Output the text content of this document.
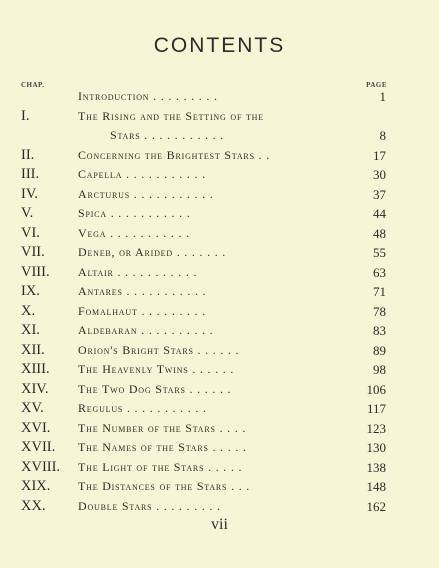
CONTENTS
CHAP.	PAGE
Introduction . . . . . . . . .	1
I.	The Rising and the Setting of the
Stars . . . . . . . . . . .	8
II.	Concerning the Brightest Stars . .	17
III.	Capella . . . . . . . . . . .	30
IV.	Arcturus . . . . . . . . . . .	37
V.	Spica . . . . . . . . . . .	44
VI.	Vega . . . . . . . . . . .	48
VII.	Deneb, or Arided . . . . . . .	55
VIII. Altair . . . . . . . . . . .	63
IX.	Antares . . . . . . . . . . .	71
X.	Fomalhaut . . . . . . . . .	78
XI.	Aldebaran . . . . . . . . . .	83
XII.	Orion's Bright Stars . . . . . .	89
XIII. The Heavenly Twins . . . . . .	98
XIV. The Two Dog Stars . . . . . .	106
XV.	Regulus . . . . . . . . . . .	117
XVI. The Number of the Stars . . . .	123
XVII. The Names of the Stars . . . . .	130
XVIII. The Light of the Stars . . . . .	138
XIX. The Distances of the Stars . . .	148
XX.	Double Stars . . . . . . . . .	162
vii
